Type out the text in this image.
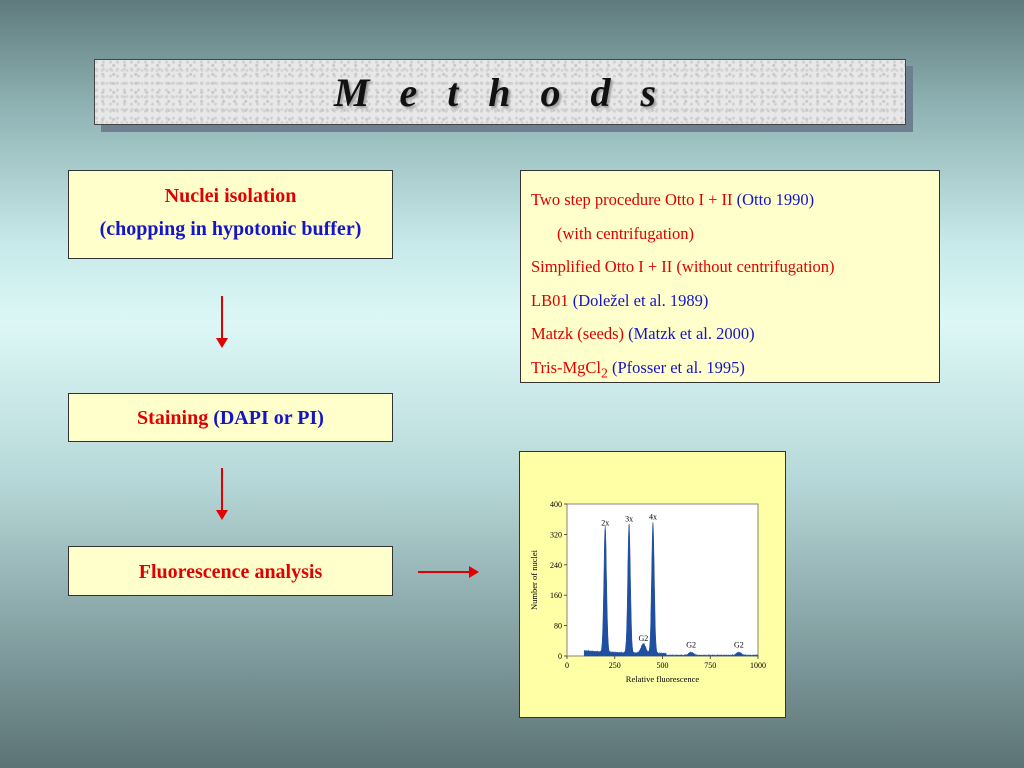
M e t h o d s
Nuclei isolation
(chopping in hypotonic buffer)
Staining (DAPI or PI)
Fluorescence analysis
Two step procedure Otto I + II (Otto 1990)
(with centrifugation)
Simplified Otto I + II (without centrifugation)
LB01 (Doležel et al. 1989)
Matzk (seeds) (Matzk et al. 2000)
Tris-MgCl$_2$ (Pfosser et al. 1995)
0
80
160
240
320
400
0	250	500	750	1000
2x 3x 4x
G2
G2	G2
Relative fluorescence
Number of nuclei
